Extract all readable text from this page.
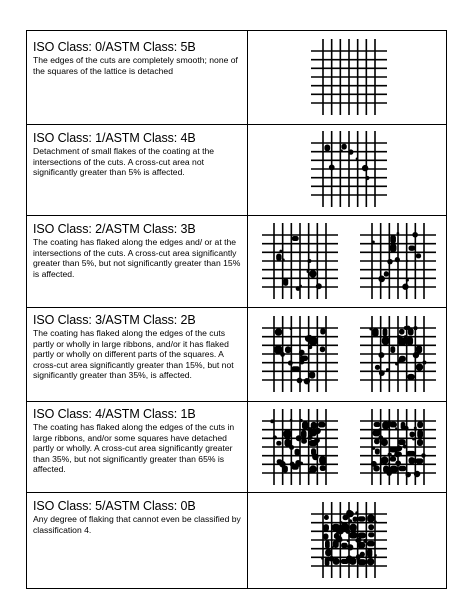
ISO Class: 0/ASTM Class: 5B

The edges of the cuts are completely smooth; none of the squares of the lattice is detached

ISO Class: 1/ASTM Class: 4B

Detachment of small flakes of the coating at the intersections of the cuts. A cross-cut area not significantly greater than 5% is affected.

ISO Class: 2/ASTM Class: 3B

The coating has flaked along the edges and/ or at the intersections of the cuts. A cross-cut area significantly greater than 5%, but not significantly greater than 15% is affected.

ISO Class: 3/ASTM Class: 2B

The coating has flaked along the edges of the cuts partly or wholly in large ribbons, and/or it has flaked partly or wholly on different parts of the squares. A cross-cut area significantly greater than 15%, but not significantly greater than 35%, is affected.

ISO Class: 4/ASTM Class: 1B

The coating has flaked along the edges of the cuts in large ribbons, and/or some squares have detached partly or wholly. A cross-cut area significantly greater than 35%, but not significantly greater than 65% is affected.

ISO Class: 5/ASTM Class: 0B

Any degree of flaking that cannot even be classified by classification 4.
